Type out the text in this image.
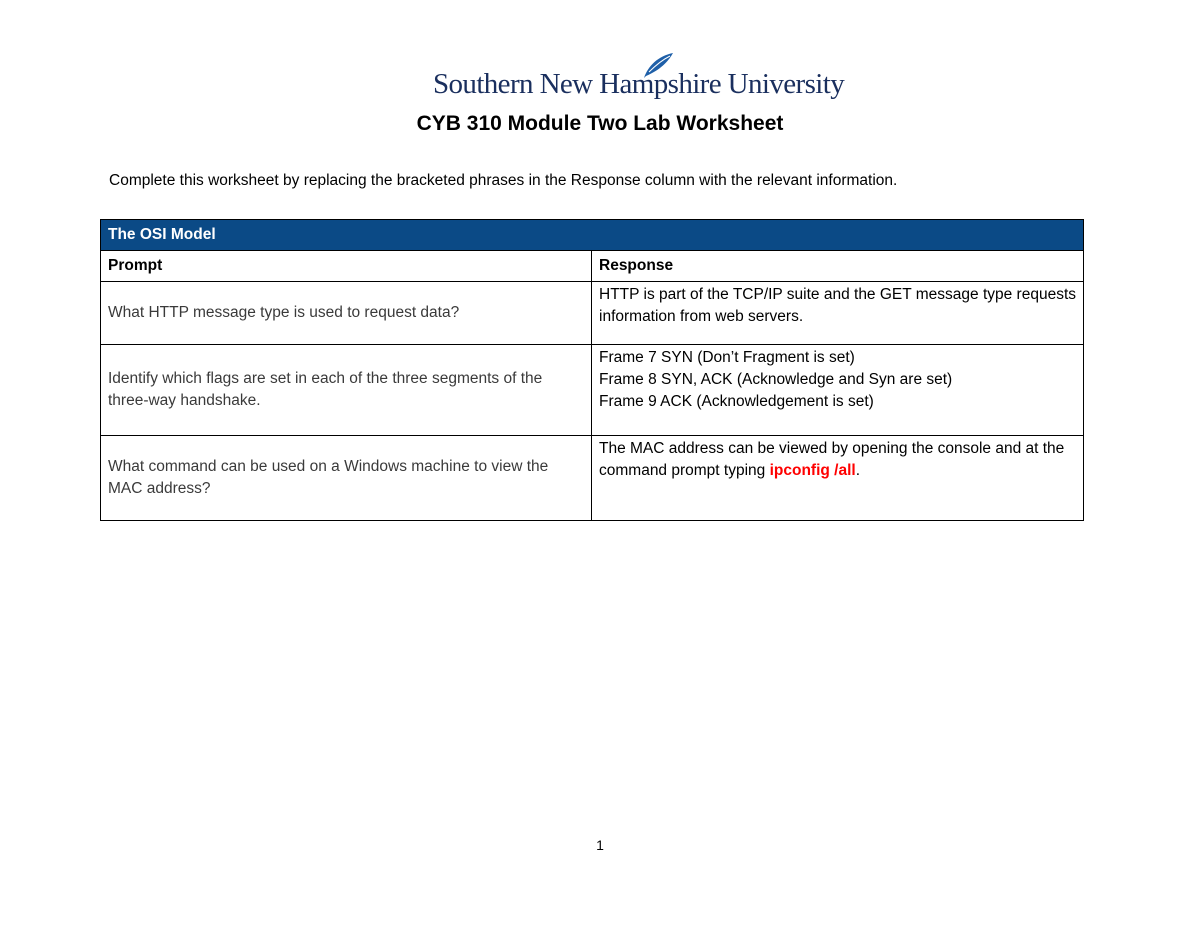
Southern New Hampshire University
CYB 310 Module Two Lab Worksheet
Complete this worksheet by replacing the bracketed phrases in the Response column with the relevant information.
The OSI Model	
Prompt	Response
What HTTP message type is used to request data?	HTTP is part of the TCP/IP suite and the GET message type requests information from web servers.
Identify which flags are set in each of the three segments of the three-way handshake.	Frame 7 SYN (Don’t Fragment is set)
Frame 8 SYN, ACK (Acknowledge and Syn are set)
Frame 9 ACK (Acknowledgement is set)

What command can be used on a Windows machine to view the MAC address?	The MAC address can be viewed by opening the console and at the command prompt typing ipconfig /all.
1
